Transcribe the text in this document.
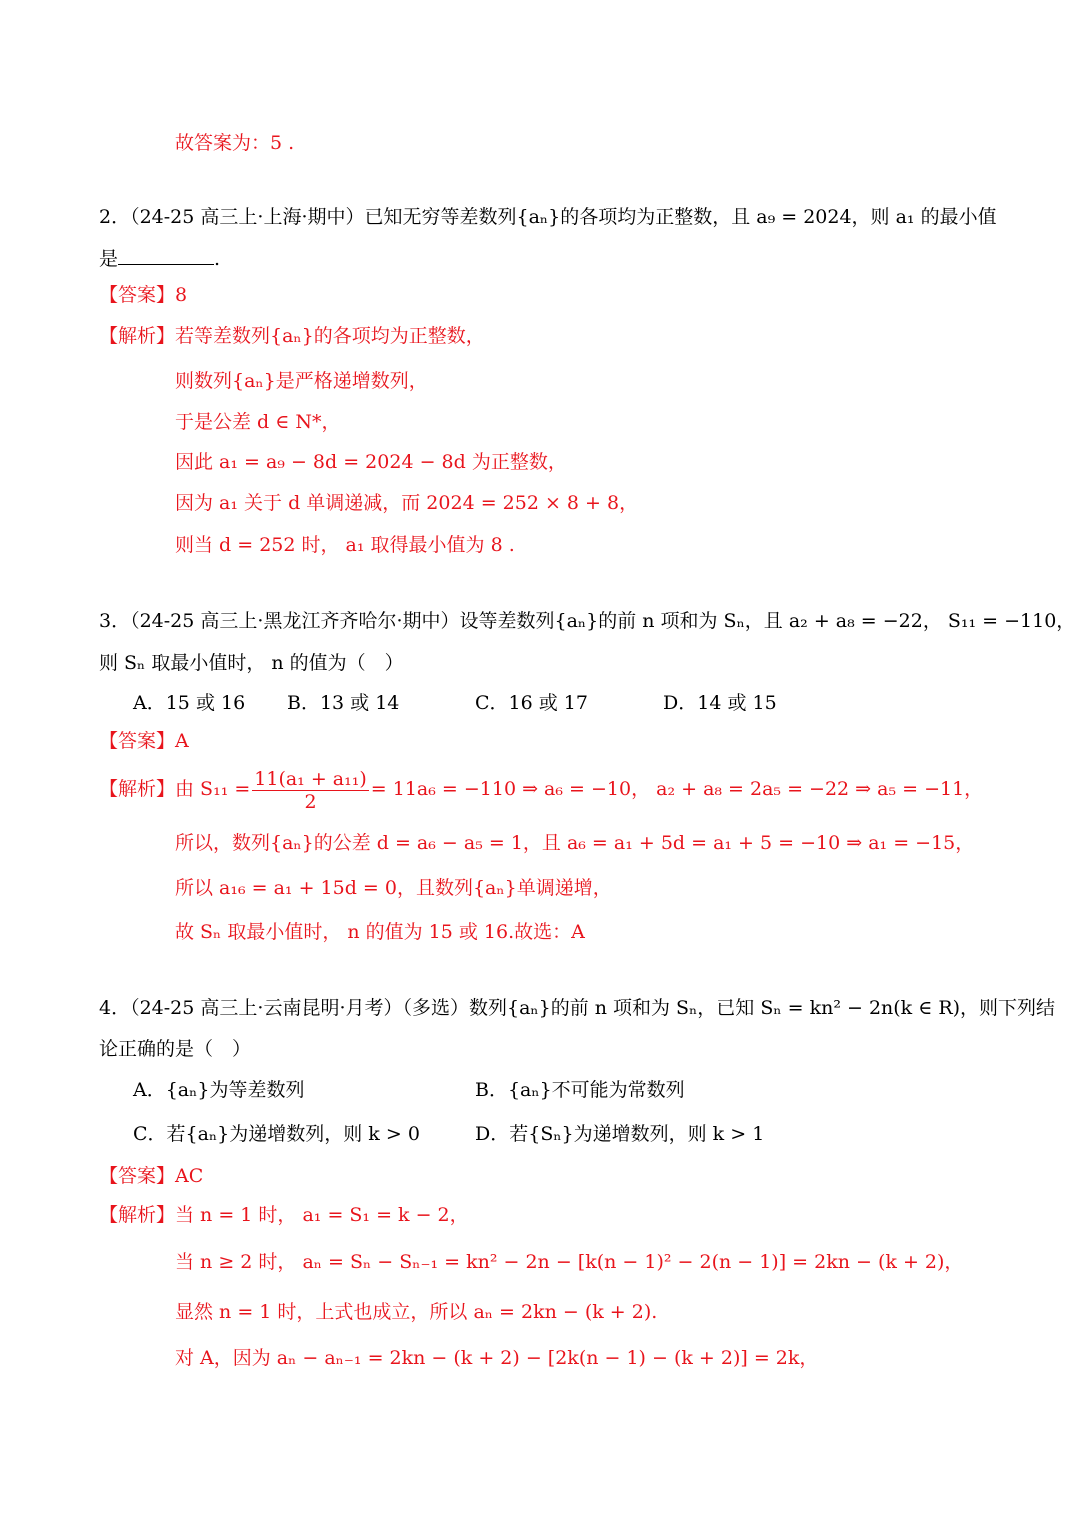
故答案为：5 .
2．（24-25 高三上·上海·期中）已知无穷等差数列{aₙ}的各项均为正整数，且 a₉ = 2024，则 a₁ 的最小值
是	.
【答案】8
【解析】若等差数列{aₙ}的各项均为正整数，
则数列{aₙ}是严格递增数列，
于是公差 d ∈ N*，
因此 a₁ = a₉ − 8d = 2024 − 8d 为正整数，
因为 a₁ 关于 d 单调递减，而 2024 = 252 × 8 + 8，
则当 d = 252 时， a₁ 取得最小值为 8 .
3．（24-25 高三上·黑龙江齐齐哈尔·期中）设等差数列{aₙ}的前 n 项和为 Sₙ，且 a₂ + a₈ = −22， S₁₁ = −110，
则 Sₙ 取最小值时， n 的值为（　）
A．15 或 16 B．13 或 14	C．16 或 17	D．14 或 15
【答案】A
【解析】由 $S_{11} = \frac{\text{11(a₁ + a₁₁)}}{2} = 11a_6 = -110$ ⇒ a₆ = −10， a₂ + a₈ = 2a₅ = −22 ⇒ a₅ = −11，
所以，数列{aₙ}的公差 d = a₆ − a₅ = 1，且 a₆ = a₁ + 5d = a₁ + 5 = −10 ⇒ a₁ = −15，
所以 a₁₆ = a₁ + 15d = 0，且数列{aₙ}单调递增，
故 Sₙ 取最小值时， n 的值为 15 或 16.故选：A
4．（24-25 高三上·云南昆明·月考）（多选）数列{aₙ}的前 n 项和为 Sₙ，已知 Sₙ = kn² − 2n(k ∈ R)，则下列结
论正确的是（　）
A．{aₙ}为等差数列	B．{aₙ}不可能为常数列
C．若{aₙ}为递增数列，则 k > 0	D．若{Sₙ}为递增数列，则 k > 1
【答案】AC
【解析】当 n = 1 时， a₁ = S₁ = k − 2，
当 n ≥ 2 时， aₙ = Sₙ − Sₙ₋₁ = kn² − 2n − [k(n − 1)² − 2(n − 1)] = 2kn − (k + 2)，
显然 n = 1 时，上式也成立，所以 aₙ = 2kn − (k + 2).
对 A，因为 aₙ − aₙ₋₁ = 2kn − (k + 2) − [2k(n − 1) − (k + 2)] = 2k，
